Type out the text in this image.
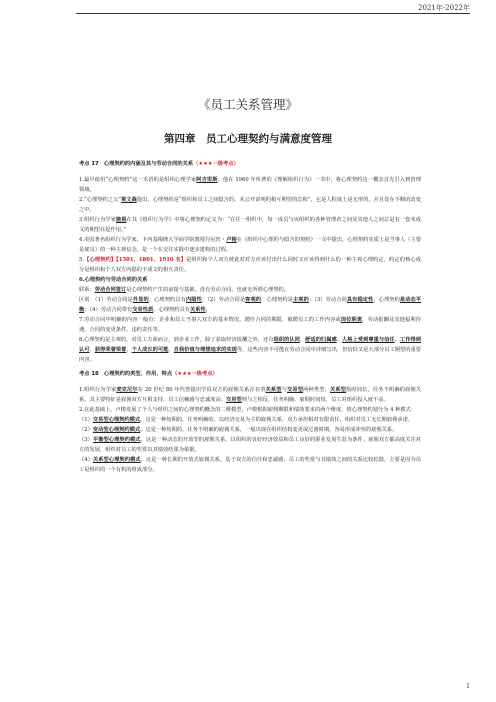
2021年-2022年
《员工关系管理》
第四章　员工心理契约与满意度管理

考点 17　心理契约的内涵及其与劳动合同的关系（★★★一级考点）

1.最早使用“心理契约”这一术语的是组织心理学家阿吉里斯，他在 1960 年所著的《理解组织行为》一书中，将心理契约这一概念首先引入到管理领域。

2.“心理契约之父”莱文森提出，心理契约是“组织和员工之间隐含的、未公开说明的相互期望的总和”，它是人程度上是无形的，并且处在不断的改变之中。

3.组织行为学家施恩在其《组织行为学》中将心理契约定义为：“在任一组织中，每一成员与该组织的各种管理者之间及其他人之间总是有一套未成文的期望在起作用。”

4.美国著名组织行为学家、卡内基梅隆大学商学院教授丹尼丝・卢梭在《组织中心理的与隐含的契约》一文中提出，心理契约实质上是当事人（主要是雇员）的一种主观信念，是一个在交往实践中逐步建构的过程。

5.【心理契约】【1501、1801、1910 名】是组织和个人双方彼此对对方应该付出什么同时又应该得到什么的一种主观心理约定，约定的核心成分是组织和个人双方内隐的不成文的相互责任。

6.心理契约与劳动合同的关系

联系：劳动合同签订是心理契约产生的前提与基础，没有劳动合同，也就无所谓心理契约。

区别：（1）劳动合同是外显的，心理契约具有内隐性；（2）劳动合同是客观的，心理契约是主观的；（3）劳动合同具有稳定性，心理契约是动态平衡；（4）劳动合同带有交易性质，心理契约具有关系性。

7.劳动合同中明确的内容一般有：企业和员工当事人双方的基本情况，聘任合同的期限，被聘员工的工作内容或岗位职责，劳动报酬及其他福利待遇，合同的变更条件，违约责任等。

8.心理契约是主观的，对员工方面而言，到企业工作，除了获取经济报酬之外，还有组织的认同、舒适的归属感、人格上受到尊重与信任、工作得到认可、获得荣誉荣誉、个人成长的可能、自我价值与理想追求的实现等，这些内容不可能在劳动合同中详细写出，但恰恰又是大部分员工期望的重要内容。

考点 18　心理契约的类型、作用、特点（★★★一级考点）

1.组织行为学家麦克尼尔在 20 世纪 80 年代曾提出学说双方的雇佣关系存在着关系型与交易型两种类型。关系型指时间长，任务不明确的雇佣关系，其主要特征是雇佣双方互相支持，员工信赖感与忠诚度高；交易型则与之相反，任务明确、雇佣时间短，员工对组织投入度不高。

2.在此基础上，卢梭发展了个人与组织之间的心理契约概念的二维模型，卢梭根据雇佣期限和绩效要求的两个维度，将心理契约划分为 4 种模式：

（1）交易型心理契约模式。这是一种短期的、任务明确的、以经济交易为主的雇佣关系，双方承担相对有限责任，组织对员工无长期雇佣承诺。

（2）变动型心理契约模式。这是一种短期的、任务不明确的雇佣关系，一般出现在组织结构变更或过渡时期，容易形成冲突的雇佣关系。

（3）平衡型心理契约模式。这是一种动态的开放型的雇佣关系，以组织的良好经济效益和员工良好的职业发展生涯为条件。雇佣双方都高度关注对方的发展，组织对员工的奖赏以其绩效结果为依据。

（4）关系型心理契约模式。这是一种长期的开放式雇佣关系，基于双方的信任和忠诚感，员工的奖赏与其绩效之间的关系比较松散，主要是因为员工是组织的一个有机的组成部分。

1
